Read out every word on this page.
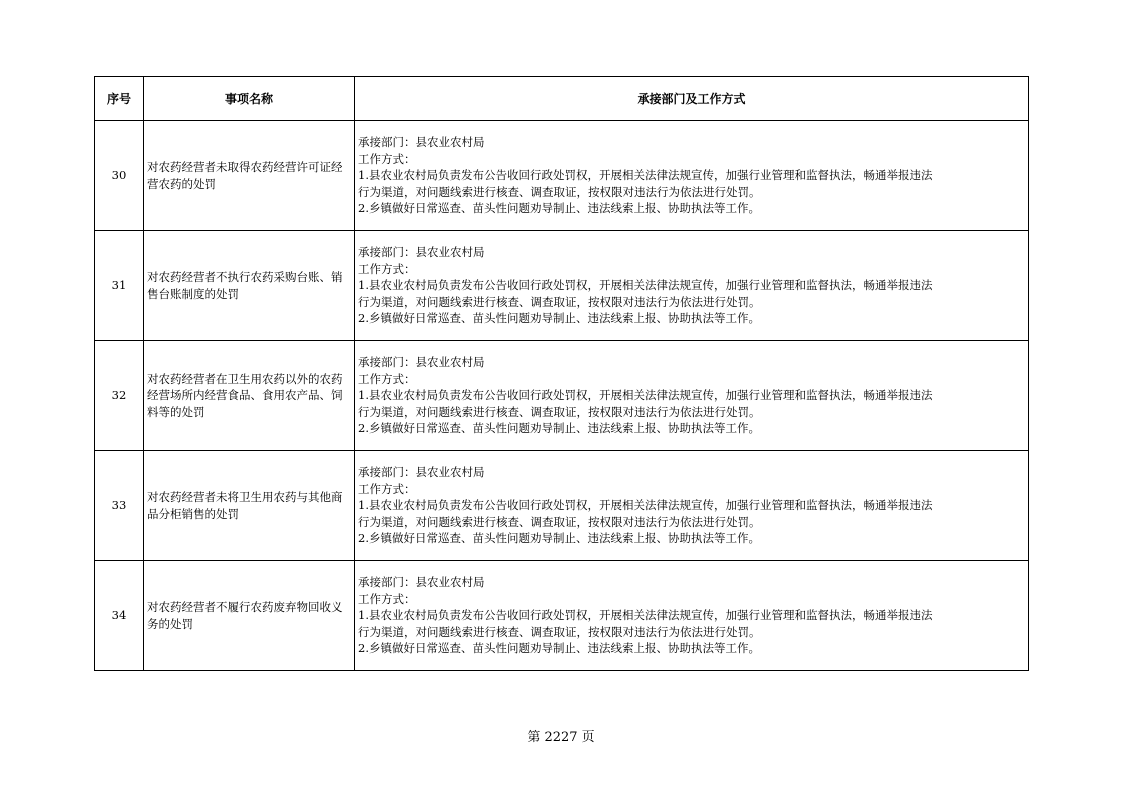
序号	事项名称	承接部门及工作方式
30	对农药经营者未取得农药经营许可证经营农药的处罚	承接部门：县农业农村局
工作方式：
1.县农业农村局负责发布公告收回行政处罚权，开展相关法律法规宣传，加强行业管理和监督执法，畅通举报违法
行为渠道，对问题线索进行核查、调查取证，按权限对违法行为依法进行处罚。
2.乡镇做好日常巡查、苗头性问题劝导制止、违法线索上报、协助执法等工作。

31	对农药经营者不执行农药采购台账、销售台账制度的处罚	承接部门：县农业农村局
工作方式：
1.县农业农村局负责发布公告收回行政处罚权，开展相关法律法规宣传，加强行业管理和监督执法，畅通举报违法
行为渠道，对问题线索进行核查、调查取证，按权限对违法行为依法进行处罚。
2.乡镇做好日常巡查、苗头性问题劝导制止、违法线索上报、协助执法等工作。

32	对农药经营者在卫生用农药以外的农药经营场所内经营食品、食用农产品、饲料等的处罚	承接部门：县农业农村局
工作方式：
1.县农业农村局负责发布公告收回行政处罚权，开展相关法律法规宣传，加强行业管理和监督执法，畅通举报违法
行为渠道，对问题线索进行核查、调查取证，按权限对违法行为依法进行处罚。
2.乡镇做好日常巡查、苗头性问题劝导制止、违法线索上报、协助执法等工作。

33	对农药经营者未将卫生用农药与其他商品分柜销售的处罚	承接部门：县农业农村局
工作方式：
1.县农业农村局负责发布公告收回行政处罚权，开展相关法律法规宣传，加强行业管理和监督执法，畅通举报违法
行为渠道，对问题线索进行核查、调查取证，按权限对违法行为依法进行处罚。
2.乡镇做好日常巡查、苗头性问题劝导制止、违法线索上报、协助执法等工作。

34	对农药经营者不履行农药废弃物回收义务的处罚	承接部门：县农业农村局
工作方式：
1.县农业农村局负责发布公告收回行政处罚权，开展相关法律法规宣传，加强行业管理和监督执法，畅通举报违法
行为渠道，对问题线索进行核查、调查取证，按权限对违法行为依法进行处罚。
2.乡镇做好日常巡查、苗头性问题劝导制止、违法线索上报、协助执法等工作。
第 2227 页
